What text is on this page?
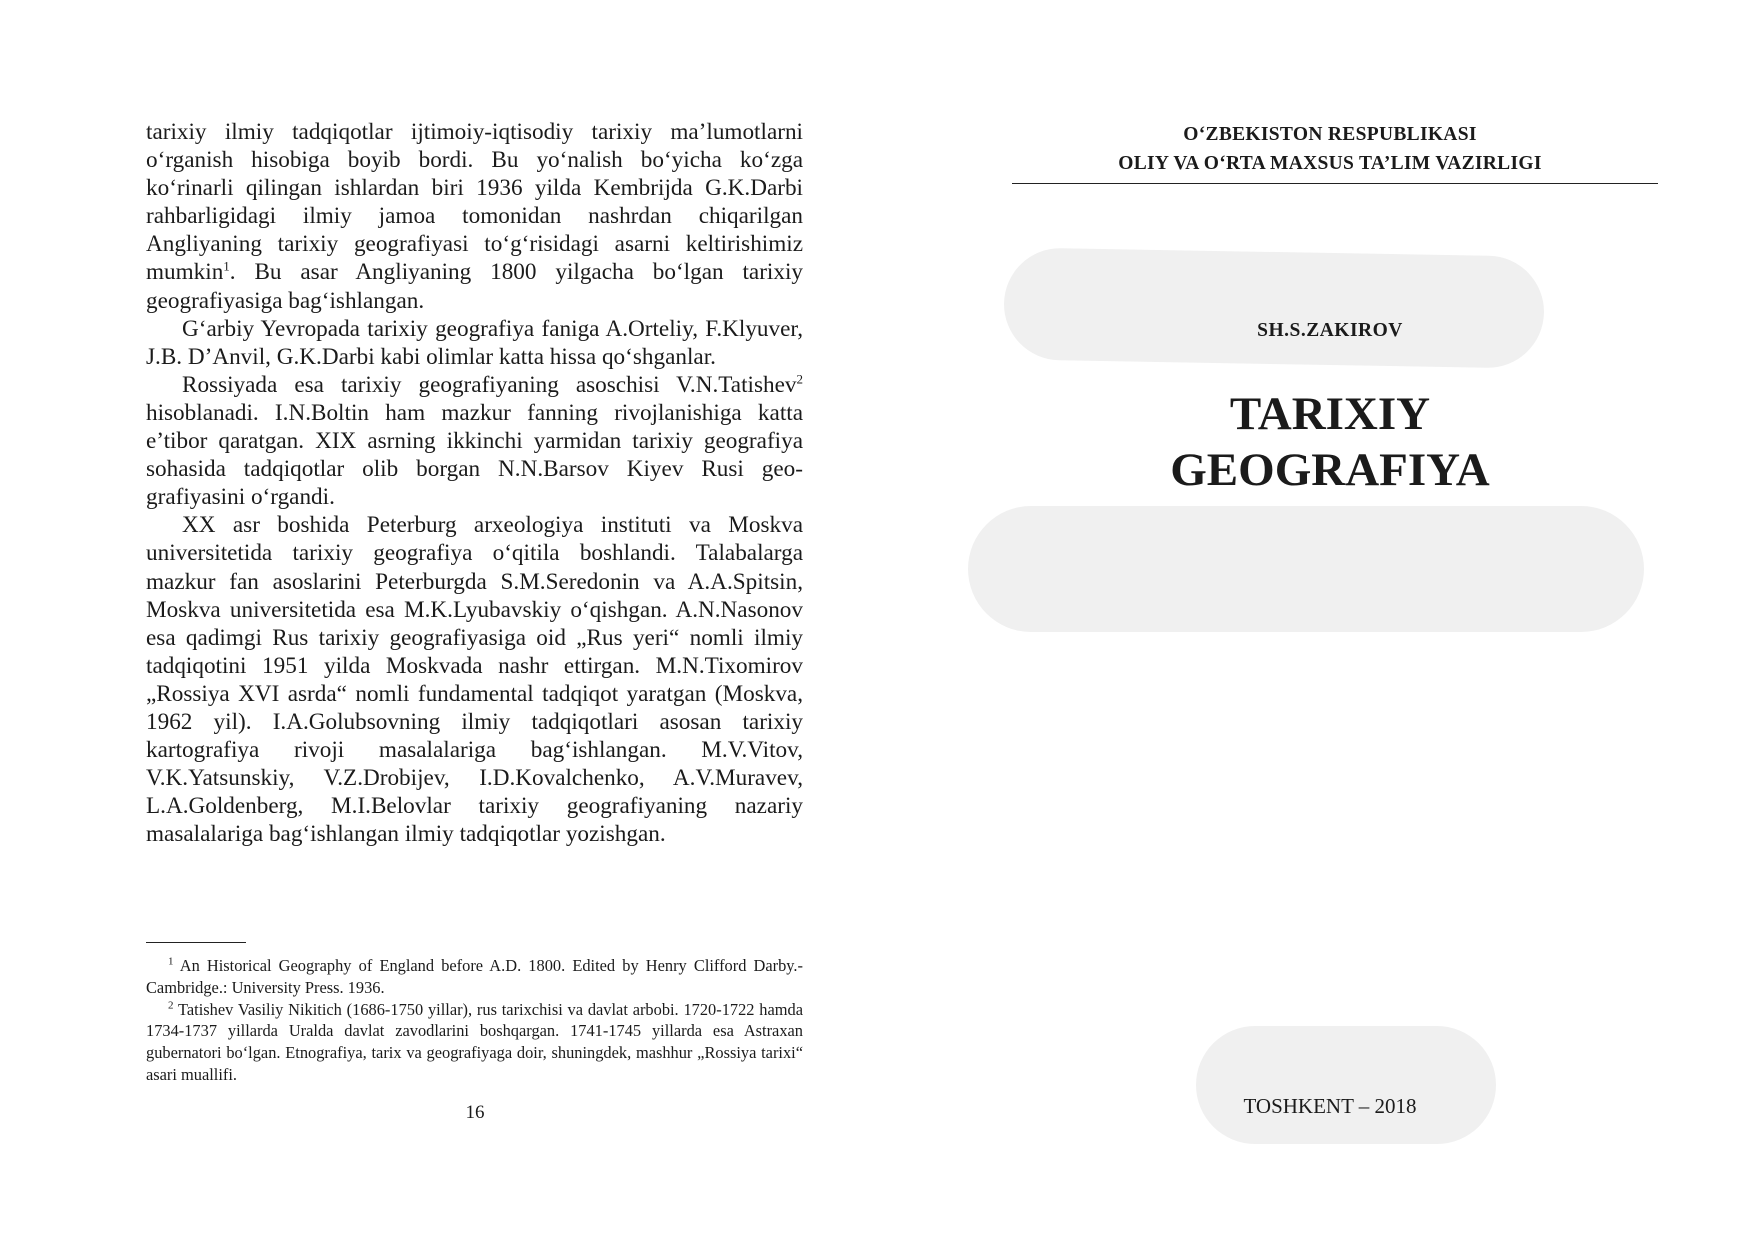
tarixiy ilmiy tadqiqotlar ijtimoiy-iqtisodiy tarixiy ma’lumotlarni o‘rganish hisobiga boyib bordi. Bu yo‘nalish bo‘yicha ko‘zga ko‘rinarli qilingan ishlardan biri 1936 yilda Kembrijda G.K.Darbi rahbarligidagi ilmiy jamoa tomonidan nashrdan chiqarilgan Angliyaning tarixiy geografiyasi to‘g‘risidagi asarni keltirishimiz mumkin$^1$. Bu asar Angliyaning 1800 yilgacha bo‘lgan tarixiy geografiyasiga bag‘ishlangan.

G‘arbiy Yevropada tarixiy geografiya faniga A.Orteliy, F.Klyuver, J.B. D’Anvil, G.K.Darbi kabi olimlar katta hissa qo‘shganlar.

Rossiyada esa tarixiy geografiyaning asoschisi V.N.Tatishev$^2$ hisoblanadi. I.N.Boltin ham mazkur fanning rivojlanishiga katta e’tibor qaratgan. XIX asrning ikkinchi yarmidan tarixiy geografiya sohasida tadqiqotlar olib borgan N.N.Barsov Kiyev Rusi geografiyasini o‘rgandi.

XX asr boshida Peterburg arxeologiya instituti va Moskva universitetida tarixiy geografiya o‘qitila boshlandi. Talabalarga mazkur fan asoslarini Peterburgda S.M.Seredonin va A.A.Spitsin, Moskva universitetida esa M.K.Lyubavskiy o‘qishgan. A.N.Nasonov esa qadimgi Rus tarixiy geografiyasiga oid „Rus yeri“ nomli ilmiy tadqiqotini 1951 yilda Moskvada nashr ettirgan. M.N.Tixomirov „Rossiya XVI asrda“ nomli fundamental tadqiqot yaratgan (Moskva, 1962 yil). I.A.Golubsovning ilmiy tadqiqotlari asosan tarixiy kartografiya rivoji masalalariga bag‘ishlangan. M.V.Vitov, V.K.Yatsunskiy, V.Z.Drobijev, I.D.Kovalchenko, A.V.Muravev, L.A.Goldenberg, M.I.Belovlar tarixiy geografiyaning nazariy masalalariga bag‘ishlangan ilmiy tadqiqotlar yozishgan.

$^1$ An Historical Geography of England before A.D. 1800. Edited by Henry Clifford Darby.-Cambridge.: University Press. 1936.

$^2$ Tatishev Vasiliy Nikitich (1686-1750 yillar), rus tarixchisi va davlat arbobi. 1720-1722 hamda 1734-1737 yillarda Uralda davlat zavodlarini boshqargan. 1741-1745 yillarda esa Astraxan gubernatori bo‘lgan. Etnografiya, tarix va geografiyaga doir, shuningdek, mashhur „Rossiya tarixi“ asari muallifi.

16
O‘ZBEKISTON RESPUBLIKASI
OLIY VA O‘RTA MAXSUS TA’LIM VAZIRLIGI
SH.S.ZAKIROV
TARIXIY
GEOGRAFIYA
TOSHKENT – 2018
